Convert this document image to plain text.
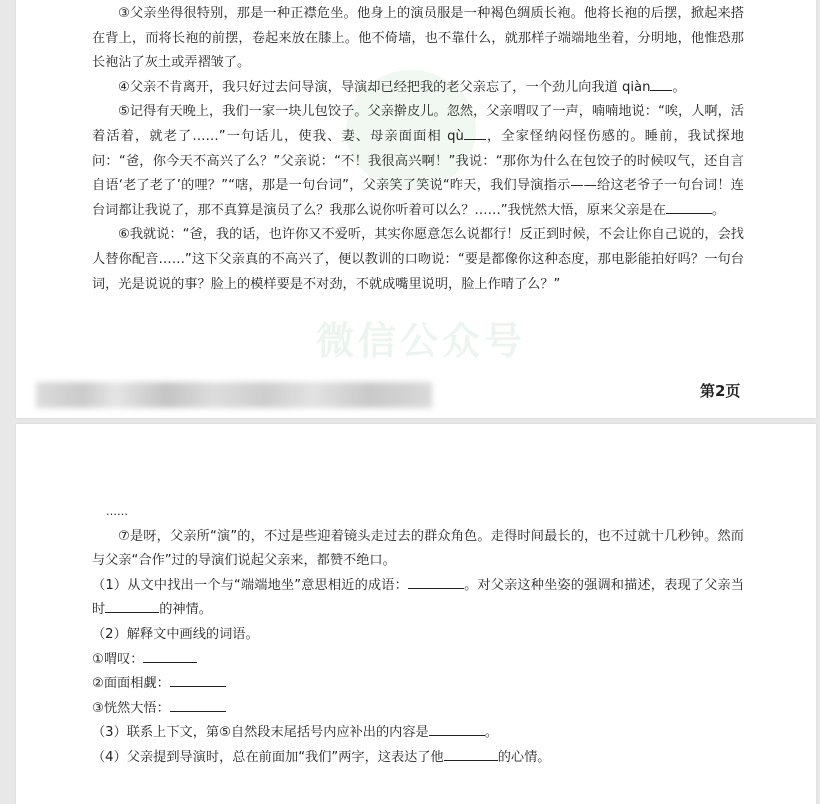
微信公众号

③父亲坐得很特别，那是一种正襟危坐。他身上的演员服是一种褐色绸质长袍。他将长袍的后摆，掀起来搭在背上，而将长袍的前摆，卷起来放在膝上。他不倚墙，也不靠什么，就那样子端端地坐着，分明地，他惟恐那长袍沾了灰土或弄褶皱了。

④父亲不肯离开，我只好过去问导演，导演却已经把我的老父亲忘了，一个劲儿向我道 qiàn 。

⑤记得有天晚上，我们一家一块儿包饺子。父亲擀皮儿。忽然，父亲喟叹了一声，喃喃地说：“唉，人啊，活着活着，就老了……”一句话儿，使我、妻、母亲面面相 qù ，全家怪纳闷怪伤感的。睡前，我试探地问：“爸，你今天不高兴了么？”父亲说：“不！我很高兴啊！”我说：“那你为什么在包饺子的时候叹气，还自言自语‘老了老了’的哩？”“嗐，那是一句台词”，父亲笑了笑说“昨天，我们导演指示——给这老爷子一句台词！连台词都让我说了，那不真算是演员了么？我那么说你听着可以么？……”我恍然大悟，原来父亲是在	。

⑥我就说：“爸，我的话，也许你又不爱听，其实你愿意怎么说都行！反正到时候，不会让你自己说的，会找人替你配音……”这下父亲真的不高兴了，便以教训的口吻说：“要是都像你这种态度，那电影能拍好吗？一句台词，光是说说的事？脸上的模样要是不对劲，不就成嘴里说明，脸上作晴了么？”

第2页

……

⑦是呀，父亲所“演”的，不过是些迎着镜头走过去的群众角色。走得时间最长的，也不过就十几秒钟。然而与父亲“合作”过的导演们说起父亲来，都赞不绝口。

（1）从文中找出一个与“端端地坐”意思相近的成语：	。对父亲这种坐姿的强调和描述，表现了父亲当时	的神情。

（2）解释文中画线的词语。

①喟叹：

②面面相觑：

③恍然大悟：

（3）联系上下文，第⑤自然段末尾括号内应补出的内容是	。

（4）父亲提到导演时，总在前面加“我们”两字，这表达了他	的心情。
